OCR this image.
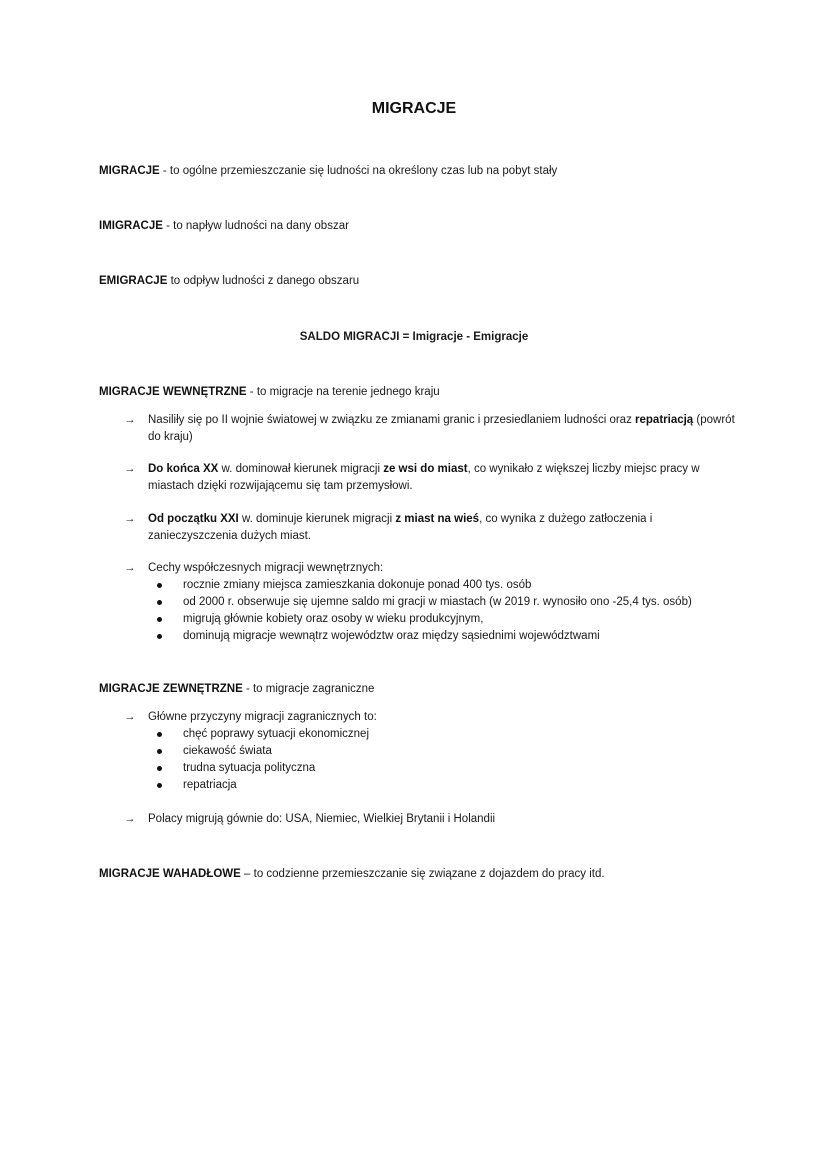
MIGRACJE
MIGRACJE - to ogólne przemieszczanie się ludności na określony czas lub na pobyt stały
IMIGRACJE - to napływ ludności na dany obszar
EMIGRACJE to odpływ ludności z danego obszaru
SALDO MIGRACJI = Imigracje - Emigracje
MIGRACJE WEWNĘTRZNE - to migracje na terenie jednego kraju
→	Nasiliły się po II wojnie światowej w związku ze zmianami granic i przesiedlaniem ludności oraz repatriacją (powrót do kraju)
→	Do końca XX w. dominował kierunek migracji ze wsi do miast, co wynikało z większej liczby miejsc pracy w miastach dzięki rozwijającemu się tam przemysłowi.
→	Od początku XXI w. dominuje kierunek migracji z miast na wieś, co wynika z dużego zatłoczenia i zanieczyszczenia dużych miast.
→	Cechy współczesnych migracji wewnętrznych:
rocznie zmiany miejsca zamieszkania dokonuje ponad 400 tys. osób
od 2000 r. obserwuje się ujemne saldo mi gracji w miastach (w 2019 r. wynosiło ono -25,4 tys. osób)
migrują głównie kobiety oraz osoby w wieku produkcyjnym,
dominują migracje wewnątrz województw oraz między sąsiednimi województwami
MIGRACJE ZEWNĘTRZNE - to migracje zagraniczne
→	Główne przyczyny migracji zagranicznych to:
chęć poprawy sytuacji ekonomicznej
ciekawość świata
trudna sytuacja polityczna
repatriacja
→	Polacy migrują gównie do: USA, Niemiec, Wielkiej Brytanii i Holandii
MIGRACJE WAHADŁOWE – to codzienne przemieszczanie się związane z dojazdem do pracy itd.
